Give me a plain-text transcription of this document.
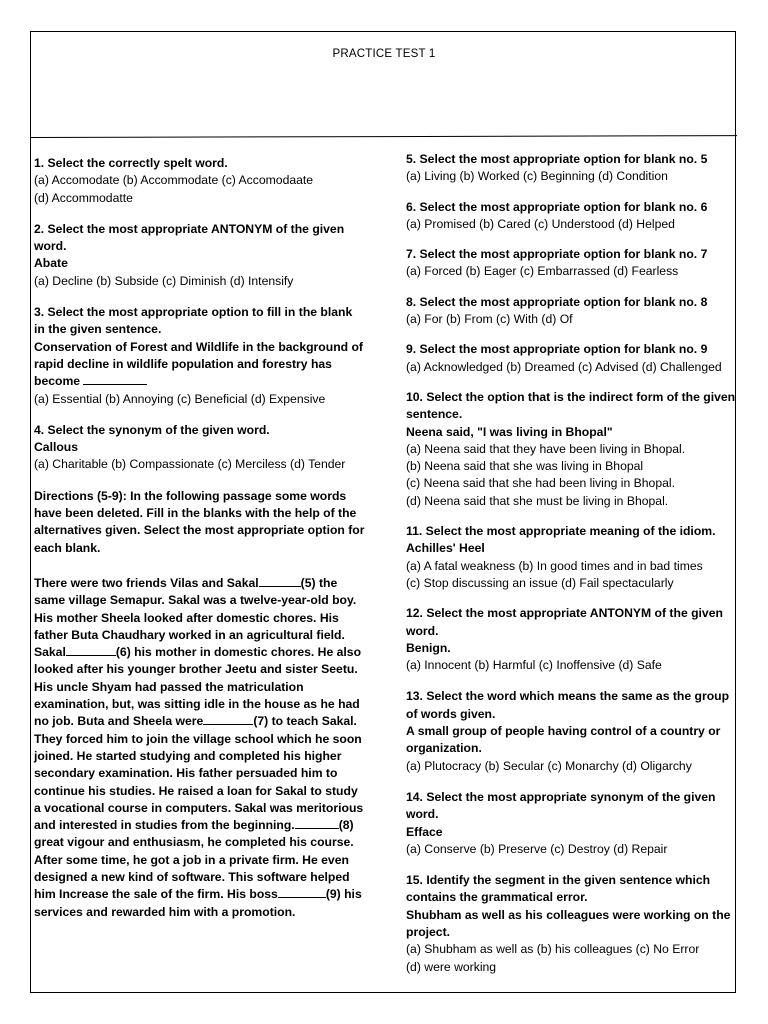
PRACTICE TEST 1
1. Select the correctly spelt word.
(a) Accomodate (b) Accommodate (c) Accomodaate
(d) Accommodatte
2. Select the most appropriate ANTONYM of the given word.
Abate
(a) Decline (b) Subside (c) Diminish (d) Intensify
3. Select the most appropriate option to fill in the blank in the given sentence.
Conservation of Forest and Wildlife in the background of rapid decline in wildlife population and forestry has become
(a) Essential (b) Annoying (c) Beneficial (d) Expensive
4. Select the synonym of the given word.
Callous
(a) Charitable (b) Compassionate (c) Merciless (d) Tender
Directions (5-9): In the following passage some words have been deleted. Fill in the blanks with the help of the alternatives given. Select the most appropriate option for each blank.
There were two friends Vilas and Sakal	(5) the same village Semapur. Sakal was a twelve-year-old boy. His mother Sheela looked after domestic chores. His father Buta Chaudhary worked in an agricultural field. Sakal	(6) his mother in domestic chores. He also looked after his younger brother Jeetu and sister Seetu. His uncle Shyam had passed the matriculation examination, but, was sitting idle in the house as he had no job. Buta and Sheela were	(7) to teach Sakal. They forced him to join the village school which he soon joined. He started studying and completed his higher secondary examination. His father persuaded him to continue his studies. He raised a loan for Sakal to study a vocational course in computers. Sakal was meritorious and interested in studies from the beginning.	(8) great vigour and enthusiasm, he completed his course. After some time, he got a job in a private firm. He even designed a new kind of software. This software helped him Increase the sale of the firm. His boss	(9) his services and rewarded him with a promotion.
5. Select the most appropriate option for blank no. 5
(a) Living (b) Worked (c) Beginning (d) Condition
6. Select the most appropriate option for blank no. 6
(a) Promised (b) Cared (c) Understood (d) Helped
7. Select the most appropriate option for blank no. 7
(a) Forced (b) Eager (c) Embarrassed (d) Fearless
8. Select the most appropriate option for blank no. 8
(a) For (b) From (c) With (d) Of
9. Select the most appropriate option for blank no. 9
(a) Acknowledged (b) Dreamed (c) Advised (d) Challenged
10. Select the option that is the indirect form of the given sentence.
Neena said, "I was living in Bhopal"
(a) Neena said that they have been living in Bhopal.
(b) Neena said that she was living in Bhopal
(c) Neena said that she had been living in Bhopal.
(d) Neena said that she must be living in Bhopal.
11. Select the most appropriate meaning of the idiom.
Achilles' Heel
(a) A fatal weakness (b) In good times and in bad times
(c) Stop discussing an issue (d) Fail spectacularly
12. Select the most appropriate ANTONYM of the given word.
Benign.
(a) Innocent (b) Harmful (c) Inoffensive (d) Safe
13. Select the word which means the same as the group of words given.
A small group of people having control of a country or organization.
(a) Plutocracy (b) Secular (c) Monarchy (d) Oligarchy
14. Select the most appropriate synonym of the given word.
Efface
(a) Conserve (b) Preserve (c) Destroy (d) Repair
15. Identify the segment in the given sentence which contains the grammatical error.
Shubham as well as his colleagues were working on the project.
(a) Shubham as well as (b) his colleagues (c) No Error
(d) were working
